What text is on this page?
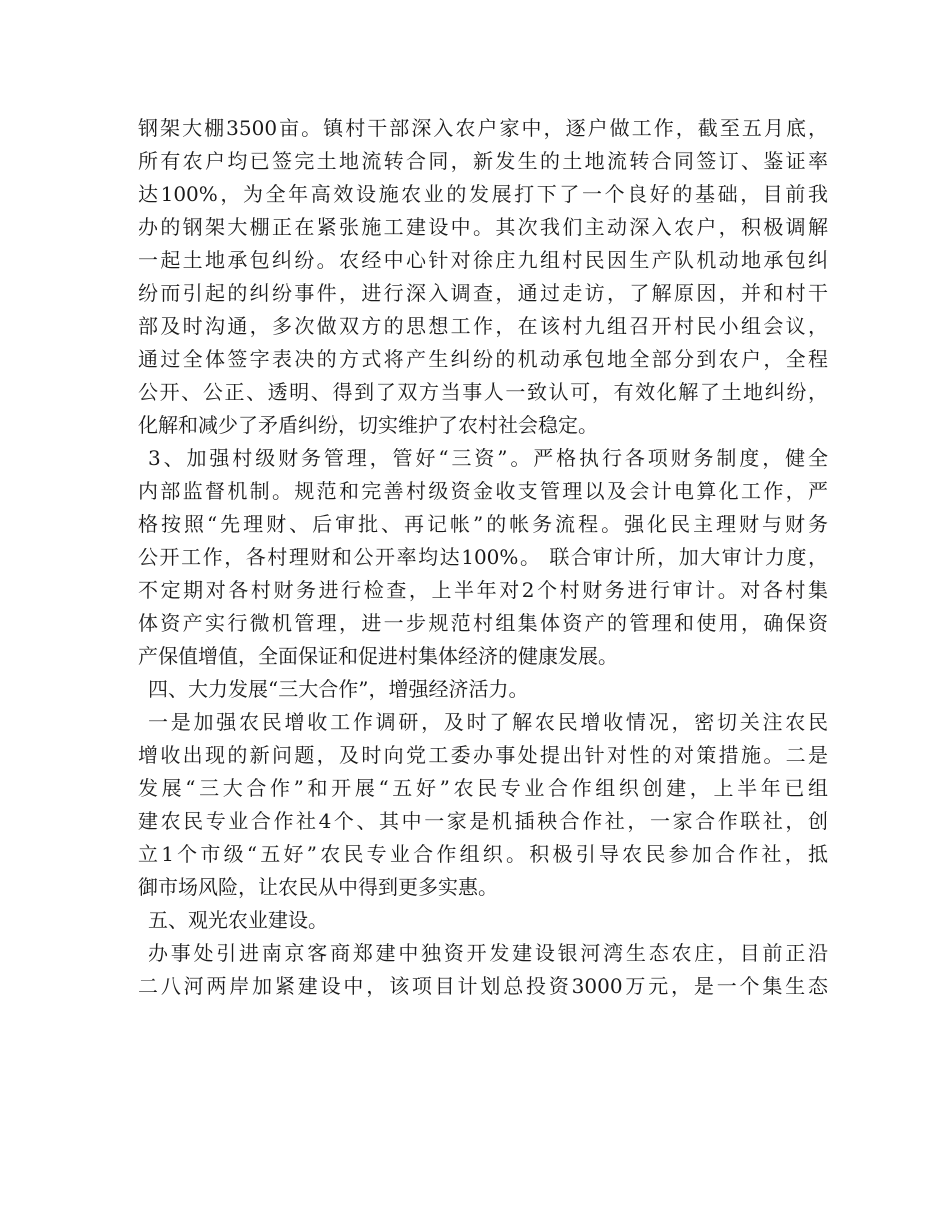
钢架大棚3500亩。镇村干部深入农户家中，逐户做工作，截至五月底，
所有农户均已签完土地流转合同，新发生的土地流转合同签订、鉴证率
达100%，为全年高效设施农业的发展打下了一个良好的基础，目前我
办的钢架大棚正在紧张施工建设中。其次我们主动深入农户，积极调解
一起土地承包纠纷。农经中心针对徐庄九组村民因生产队机动地承包纠
纷而引起的纠纷事件，进行深入调查，通过走访，了解原因，并和村干
部及时沟通，多次做双方的思想工作，在该村九组召开村民小组会议，
通过全体签字表决的方式将产生纠纷的机动承包地全部分到农户，全程
公开、公正、透明、得到了双方当事人一致认可，有效化解了土地纠纷，
化解和减少了矛盾纠纷，切实维护了农村社会稳定。
3、加强村级财务管理，管好“三资”。严格执行各项财务制度，健全
内部监督机制。规范和完善村级资金收支管理以及会计电算化工作，严
格按照“先理财、后审批、再记帐”的帐务流程。强化民主理财与财务
公开工作，各村理财和公开率均达100%。 联合审计所，加大审计力度，
不定期对各村财务进行检查，上半年对2个村财务进行审计。对各村集
体资产实行微机管理，进一步规范村组集体资产的管理和使用，确保资
产保值增值，全面保证和促进村集体经济的健康发展。
四、大力发展“三大合作”，增强经济活力。
一是加强农民增收工作调研，及时了解农民增收情况，密切关注农民
增收出现的新问题，及时向党工委办事处提出针对性的对策措施。二是
发展“三大合作”和开展“五好”农民专业合作组织创建，上半年已组
建农民专业合作社4个、其中一家是机插秧合作社，一家合作联社，创
立1个市级“五好”农民专业合作组织。积极引导农民参加合作社，抵
御市场风险，让农民从中得到更多实惠。
五、观光农业建设。
办事处引进南京客商郑建中独资开发建设银河湾生态农庄，目前正沿
二八河两岸加紧建设中，该项目计划总投资3000万元，是一个集生态
